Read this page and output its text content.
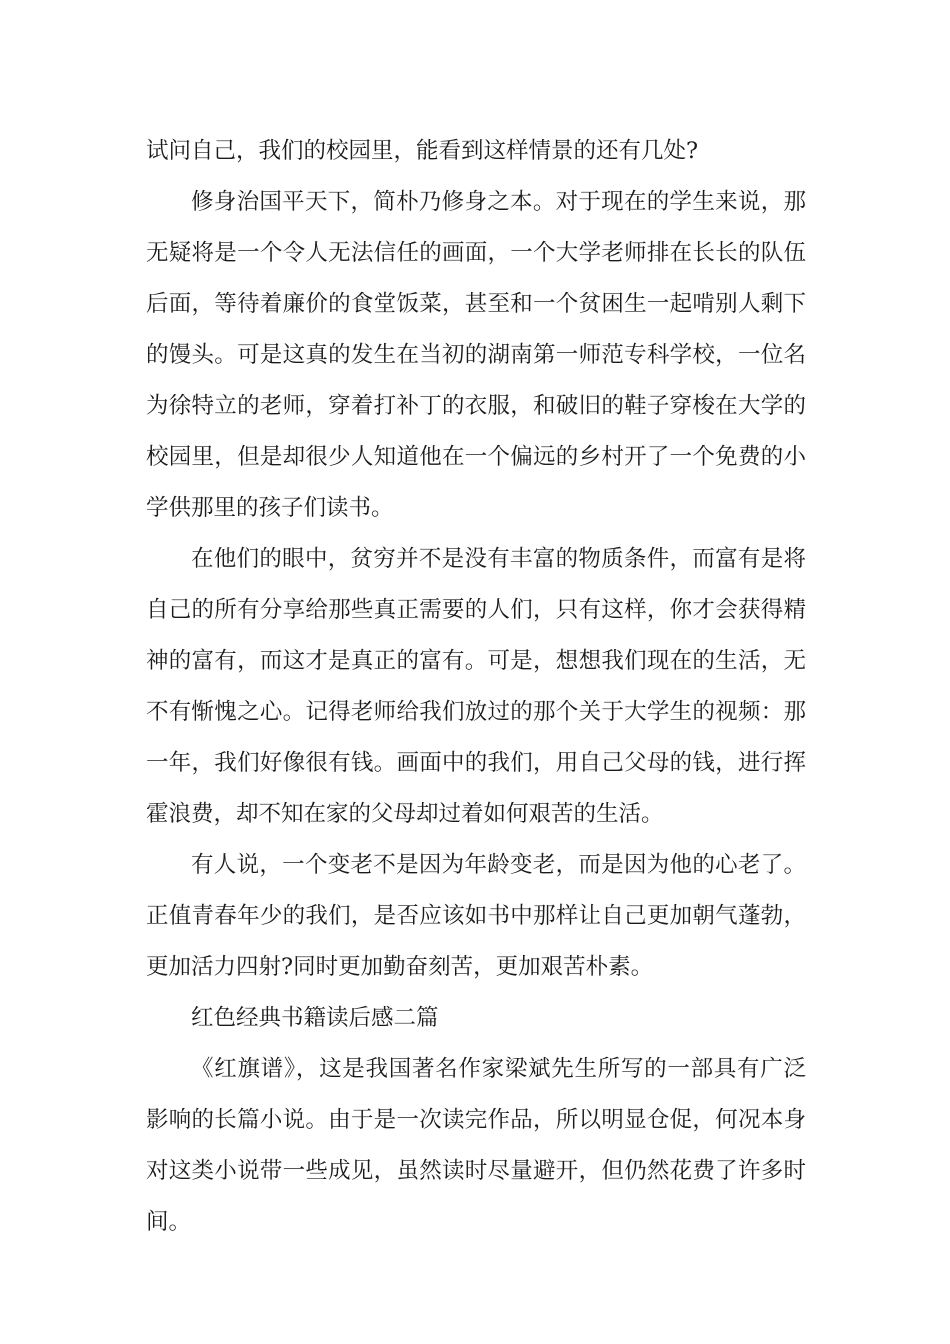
试问自己，我们的校园里，能看到这样情景的还有几处?

修身治国平天下，简朴乃修身之本。对于现在的学生来说，那无疑将是一个令人无法信任的画面，一个大学老师排在长长的队伍后面，等待着廉价的食堂饭菜，甚至和一个贫困生一起啃别人剩下的馒头。可是这真的发生在当初的湖南第一师范专科学校，一位名为徐特立的老师，穿着打补丁的衣服，和破旧的鞋子穿梭在大学的校园里，但是却很少人知道他在一个偏远的乡村开了一个免费的小学供那里的孩子们读书。

在他们的眼中，贫穷并不是没有丰富的物质条件，而富有是将自己的所有分享给那些真正需要的人们，只有这样，你才会获得精神的富有，而这才是真正的富有。可是，想想我们现在的生活，无不有惭愧之心。记得老师给我们放过的那个关于大学生的视频：那一年，我们好像很有钱。画面中的我们，用自己父母的钱，进行挥霍浪费，却不知在家的父母却过着如何艰苦的生活。

有人说，一个变老不是因为年龄变老，而是因为他的心老了。正值青春年少的我们，是否应该如书中那样让自己更加朝气蓬勃，更加活力四射?同时更加勤奋刻苦，更加艰苦朴素。

红色经典书籍读后感二篇

《红旗谱》，这是我国著名作家梁斌先生所写的一部具有广泛影响的长篇小说。由于是一次读完作品，所以明显仓促，何况本身对这类小说带一些成见，虽然读时尽量避开，但仍然花费了许多时间。
